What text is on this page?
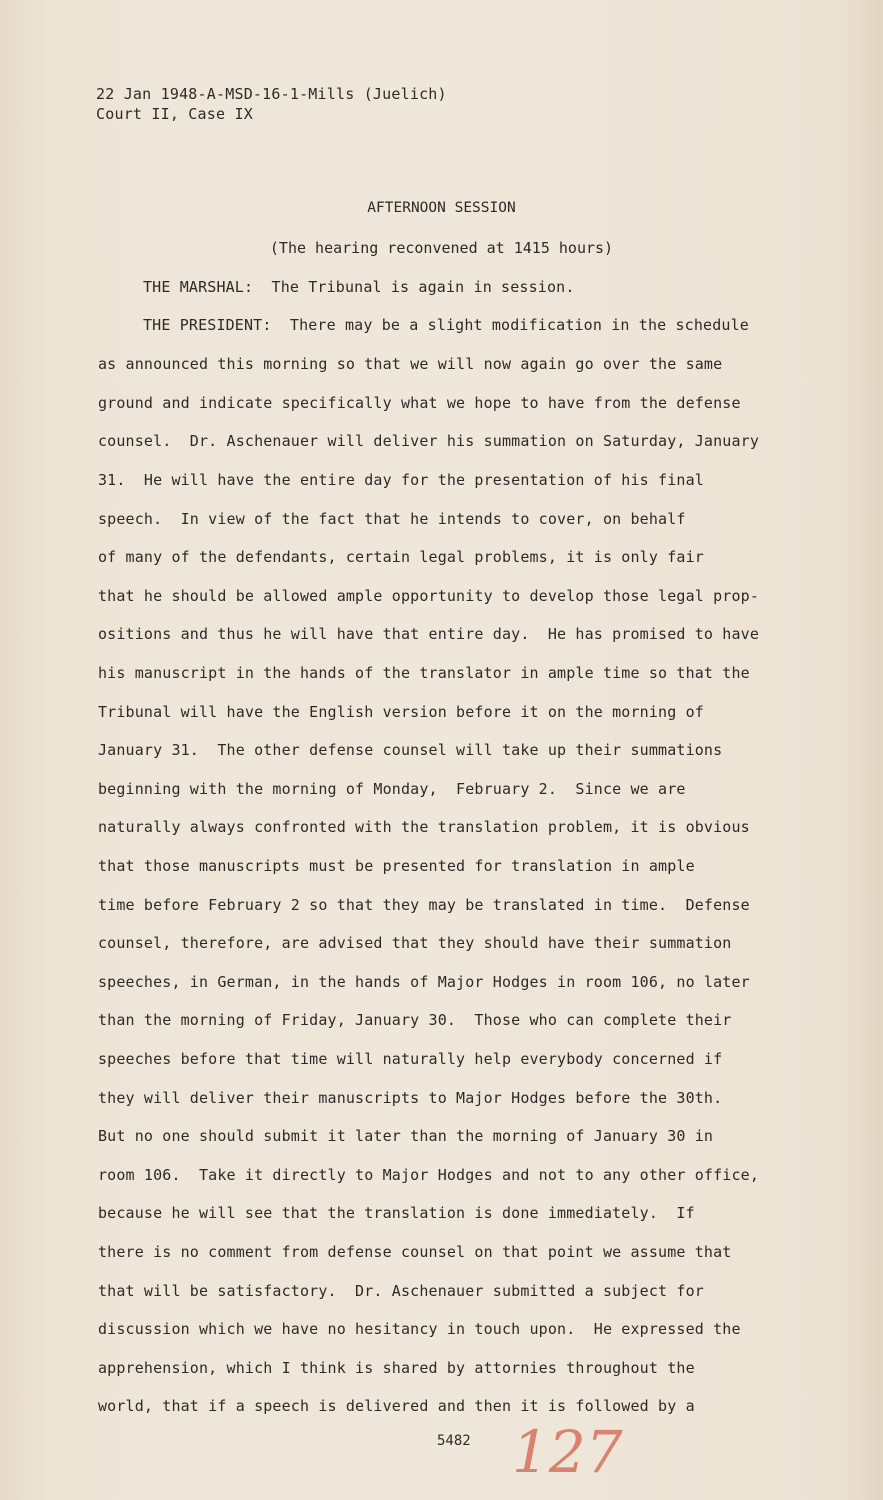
22 Jan 1948-A-MSD-16-1-Mills (Juelich)
Court II, Case IX
AFTERNOON SESSION
(The hearing reconvened at 1415 hours)
THE MARSHAL:  The Tribunal is again in session.
THE PRESIDENT:  There may be a slight modification in the schedule
as announced this morning so that we will now again go over the same
ground and indicate specifically what we hope to have from the defense
counsel.  Dr. Aschenauer will deliver his summation on Saturday, January
31.  He will have the entire day for the presentation of his final
speech.  In view of the fact that he intends to cover, on behalf
of many of the defendants, certain legal problems, it is only fair
that he should be allowed ample opportunity to develop those legal prop-
ositions and thus he will have that entire day.  He has promised to have
his manuscript in the hands of the translator in ample time so that the
Tribunal will have the English version before it on the morning of
January 31.  The other defense counsel will take up their summations
beginning with the morning of Monday,  February 2.  Since we are
naturally always confronted with the translation problem, it is obvious
that those manuscripts must be presented for translation in ample
time before February 2 so that they may be translated in time.  Defense
counsel, therefore, are advised that they should have their summation
speeches, in German, in the hands of Major Hodges in room 106, no later
than the morning of Friday, January 30.  Those who can complete their
speeches before that time will naturally help everybody concerned if
they will deliver their manuscripts to Major Hodges before the 30th.
But no one should submit it later than the morning of January 30 in
room 106.  Take it directly to Major Hodges and not to any other office,
because he will see that the translation is done immediately.  If
there is no comment from defense counsel on that point we assume that
that will be satisfactory.  Dr. Aschenauer submitted a subject for
discussion which we have no hesitancy in touch upon.  He expressed the
apprehension, which I think is shared by attornies throughout the
world, that if a speech is delivered and then it is followed by a
5482 127
